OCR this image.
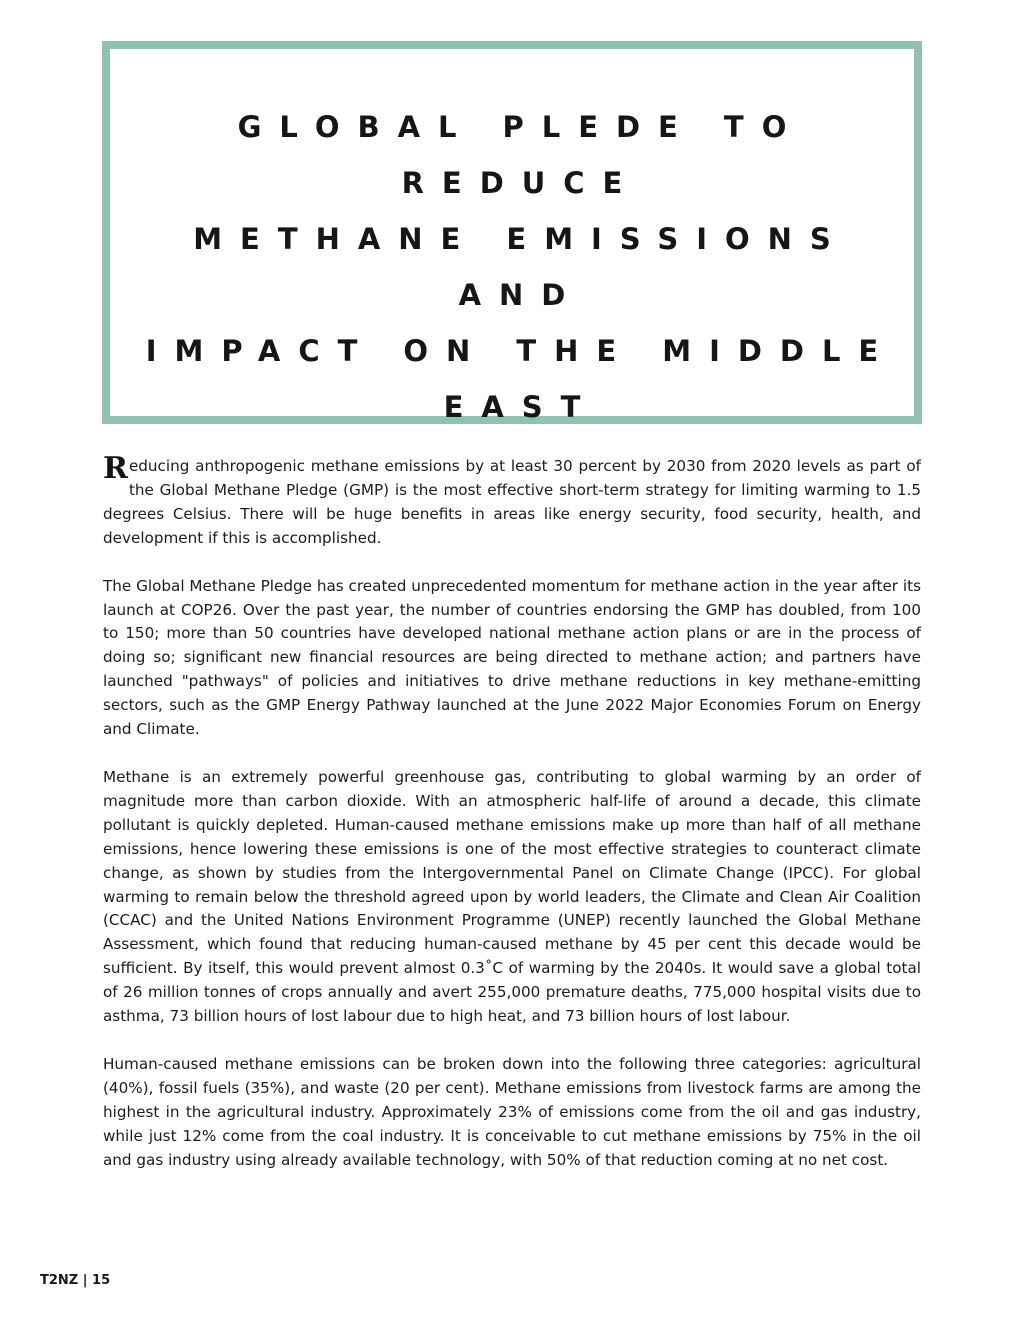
GLOBAL PLEDE TO REDUCE
METHANE EMISSIONS AND
IMPACT ON THE MIDDLE
EAST

Reducing anthropogenic methane emissions by at least 30 percent by 2030 from 2020 levels as part of the Global Methane Pledge (GMP) is the most effective short-term strategy for limiting warming to 1.5 degrees Celsius. There will be huge benefits in areas like energy security, food security, health, and development if this is accomplished.

The Global Methane Pledge has created unprecedented momentum for methane action in the year after its launch at COP26. Over the past year, the number of countries endorsing the GMP has doubled, from 100 to 150; more than 50 countries have developed national methane action plans or are in the process of doing so; significant new financial resources are being directed to methane action; and partners have launched "pathways" of policies and initiatives to drive methane reductions in key methane-emitting sectors, such as the GMP Energy Pathway launched at the June 2022 Major Economies Forum on Energy and Climate.

Methane is an extremely powerful greenhouse gas, contributing to global warming by an order of magnitude more than carbon dioxide. With an atmospheric half-life of around a decade, this climate pollutant is quickly depleted. Human-caused methane emissions make up more than half of all methane emissions, hence lowering these emissions is one of the most effective strategies to counteract climate change, as shown by studies from the Intergovernmental Panel on Climate Change (IPCC). For global warming to remain below the threshold agreed upon by world leaders, the Climate and Clean Air Coalition (CCAC) and the United Nations Environment Programme (UNEP) recently launched the Global Methane Assessment, which found that reducing human-caused methane by 45 per cent this decade would be sufficient. By itself, this would prevent almost 0.3˚C of warming by the 2040s. It would save a global total of 26 million tonnes of crops annually and avert 255,000 premature deaths, 775,000 hospital visits due to asthma, 73 billion hours of lost labour due to high heat, and 73 billion hours of lost labour.

Human-caused methane emissions can be broken down into the following three categories: agricultural (40%), fossil fuels (35%), and waste (20 per cent). Methane emissions from livestock farms are among the highest in the agricultural industry. Approximately 23% of emissions come from the oil and gas industry, while just 12% come from the coal industry. It is conceivable to cut methane emissions by 75% in the oil and gas industry using already available technology, with 50% of that reduction coming at no net cost.

T2NZ | 15
